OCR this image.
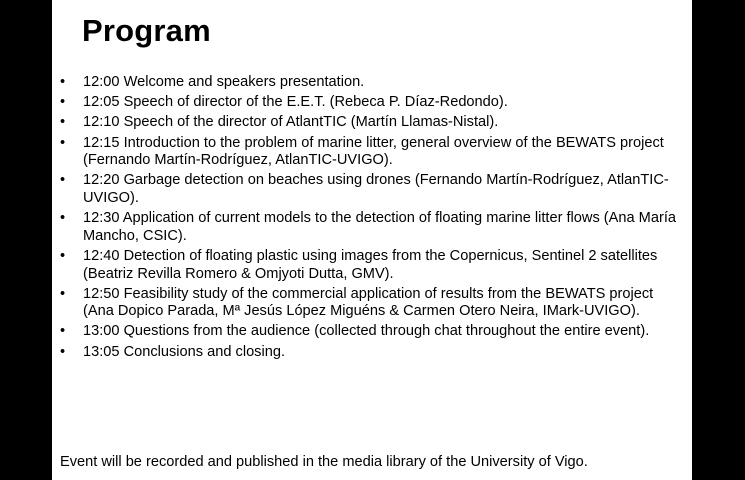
Program
•	12:00 Welcome and speakers presentation.
•	12:05 Speech of director of the E.E.T. (Rebeca P. Díaz-Redondo).
•	12:10 Speech of the director of AtlantTIC (Martín Llamas-Nistal).
•	12:15 Introduction to the problem of marine litter, general overview of the BEWATS project (Fernando Martín-Rodríguez, AtlanTIC-UVIGO).
•	12:20 Garbage detection on beaches using drones (Fernando Martín-Rodríguez, AtlanTIC-UVIGO).
•	12:30 Application of current models to the detection of floating marine litter flows (Ana María Mancho, CSIC).
•	12:40 Detection of floating plastic using images from the Copernicus, Sentinel 2 satellites (Beatriz Revilla Romero & Omjyoti Dutta, GMV).
•	12:50 Feasibility study of the commercial application of results from the BEWATS project (Ana Dopico Parada, Mª Jesús López Miguéns & Carmen Otero Neira, IMark-UVIGO).
•	13:00 Questions from the audience (collected through chat throughout the entire event).
•	13:05 Conclusions and closing.
Event will be recorded and published in the media library of the University of Vigo.
